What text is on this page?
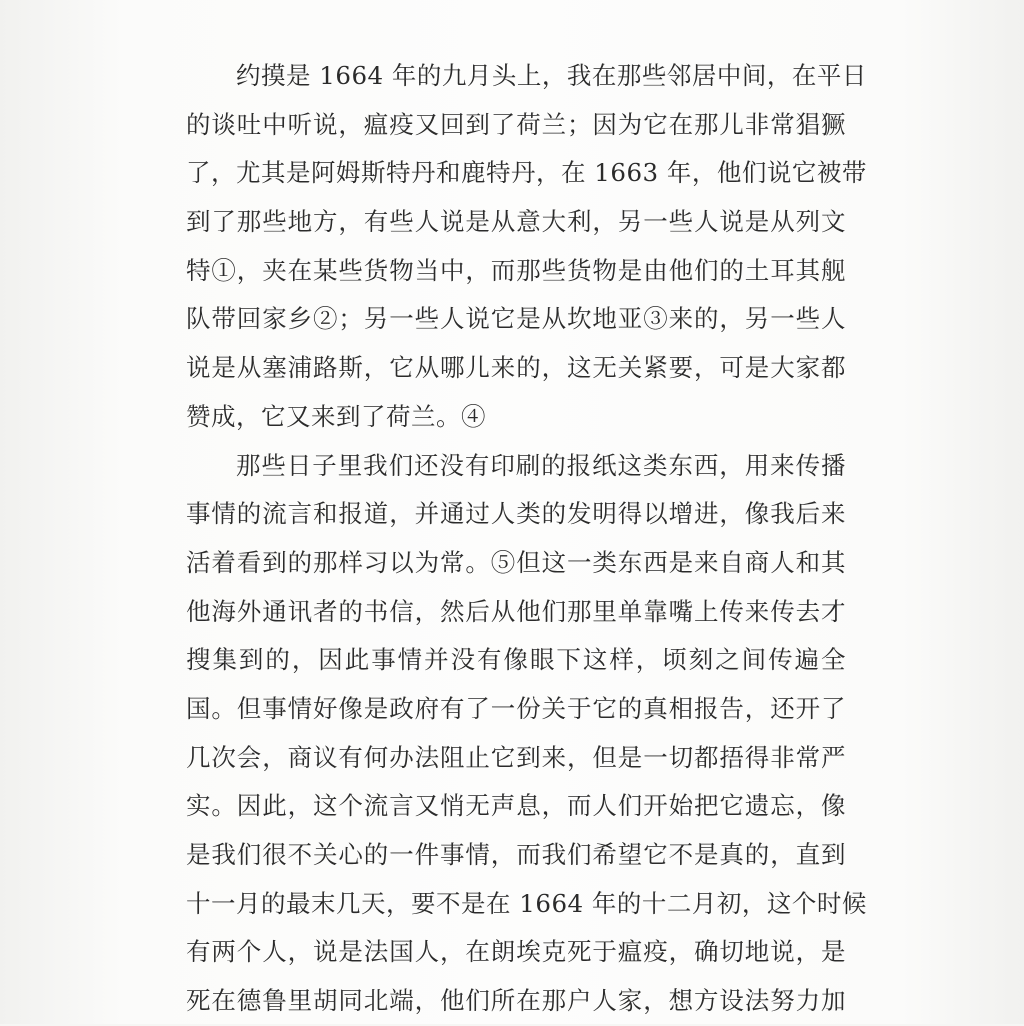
约摸是 1664 年的九月头上，我在那些邻居中间，在平日
的谈吐中听说，瘟疫又回到了荷兰；因为它在那儿非常猖獗
了，尤其是阿姆斯特丹和鹿特丹，在 1663 年，他们说它被带
到了那些地方，有些人说是从意大利，另一些人说是从列文
特①，夹在某些货物当中，而那些货物是由他们的土耳其舰
队带回家乡②；另一些人说它是从坎地亚③来的，另一些人
说是从塞浦路斯，它从哪儿来的，这无关紧要，可是大家都
赞成，它又来到了荷兰。④
那些日子里我们还没有印刷的报纸这类东西，用来传播
事情的流言和报道，并通过人类的发明得以增进，像我后来
活着看到的那样习以为常。⑤但这一类东西是来自商人和其
他海外通讯者的书信，然后从他们那里单靠嘴上传来传去才
搜集到的，因此事情并没有像眼下这样，顷刻之间传遍全
国。但事情好像是政府有了一份关于它的真相报告，还开了
几次会，商议有何办法阻止它到来，但是一切都捂得非常严
实。因此，这个流言又悄无声息，而人们开始把它遗忘，像
是我们很不关心的一件事情，而我们希望它不是真的，直到
十一月的最末几天，要不是在 1664 年的十二月初，这个时候
有两个人，说是法国人，在朗埃克死于瘟疫，确切地说，是
死在德鲁里胡同北端，他们所在那户人家，想方设法努力加
